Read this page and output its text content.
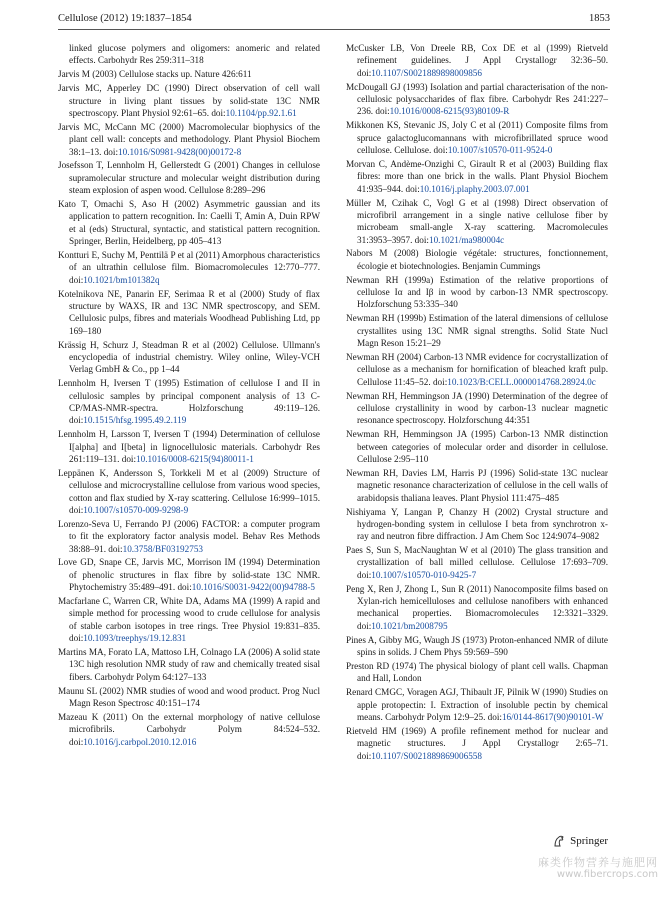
Cellulose (2012) 19:1837–1854	1853

linked glucose polymers and oligomers: anomeric and related effects. Carbohydr Res 259:311–318

Jarvis M (2003) Cellulose stacks up. Nature 426:611

Jarvis MC, Apperley DC (1990) Direct observation of cell wall structure in living plant tissues by solid-state 13C NMR spectroscopy. Plant Physiol 92:61–65. doi:10.1104/pp.92.1.61

Jarvis MC, McCann MC (2000) Macromolecular biophysics of the plant cell wall: concepts and methodology. Plant Physiol Biochem 38:1–13. doi:10.1016/S0981-9428(00)00172-8

Josefsson T, Lennholm H, Gellerstedt G (2001) Changes in cellulose supramolecular structure and molecular weight distribution during steam explosion of aspen wood. Cellulose 8:289–296

Kato T, Omachi S, Aso H (2002) Asymmetric gaussian and its application to pattern recognition. In: Caelli T, Amin A, Duin RPW et al (eds) Structural, syntactic, and statistical pattern recognition. Springer, Berlin, Heidelberg, pp 405–413

Kontturi E, Suchy M, Penttilä P et al (2011) Amorphous characteristics of an ultrathin cellulose film. Biomacromolecules 12:770–777. doi:10.1021/bm101382q

Kotelnikova NE, Panarin EF, Serimaa R et al (2000) Study of flax structure by WAXS, IR and 13C NMR spectroscopy, and SEM. Cellulosic pulps, fibres and materials Woodhead Publishing Ltd, pp 169–180

Krässig H, Schurz J, Steadman R et al (2002) Cellulose. Ullmann's encyclopedia of industrial chemistry. Wiley online, Wiley-VCH Verlag GmbH & Co., pp 1–44

Lennholm H, Iversen T (1995) Estimation of cellulose I and II in cellulosic samples by principal component analysis of 13 C-CP/MAS-NMR-spectra. Holzforschung 49:119–126. doi:10.1515/hfsg.1995.49.2.119

Lennholm H, Larsson T, Iversen T (1994) Determination of cellulose I[alpha] and I[beta] in lignocellulosic materials. Carbohydr Res 261:119–131. doi:10.1016/0008-6215(94)80011-1

Leppänen K, Andersson S, Torkkeli M et al (2009) Structure of cellulose and microcrystalline cellulose from various wood species, cotton and flax studied by X-ray scattering. Cellulose 16:999–1015. doi:10.1007/s10570-009-9298-9

Lorenzo-Seva U, Ferrando PJ (2006) FACTOR: a computer program to fit the exploratory factor analysis model. Behav Res Methods 38:88–91. doi:10.3758/BF03192753

Love GD, Snape CE, Jarvis MC, Morrison IM (1994) Determination of phenolic structures in flax fibre by solid-state 13C NMR. Phytochemistry 35:489–491. doi:10.1016/S0031-9422(00)94788-5

Macfarlane C, Warren CR, White DA, Adams MA (1999) A rapid and simple method for processing wood to crude cellulose for analysis of stable carbon isotopes in tree rings. Tree Physiol 19:831–835. doi:10.1093/treephys/19.12.831

Martins MA, Forato LA, Mattoso LH, Colnago LA (2006) A solid state 13C high resolution NMR study of raw and chemically treated sisal fibers. Carbohydr Polym 64:127–133

Maunu SL (2002) NMR studies of wood and wood product. Prog Nucl Magn Reson Spectrosc 40:151–174

Mazeau K (2011) On the external morphology of native cellulose microfibrils. Carbohydr Polym 84:524–532. doi:10.1016/j.carbpol.2010.12.016

McCusker LB, Von Dreele RB, Cox DE et al (1999) Rietveld refinement guidelines. J Appl Crystallogr 32:36–50. doi:10.1107/S0021889898009856

McDougall GJ (1993) Isolation and partial characterisation of the non-cellulosic polysaccharides of flax fibre. Carbohydr Res 241:227–236. doi:10.1016/0008-6215(93)80109-R

Mikkonen KS, Stevanic JS, Joly C et al (2011) Composite films from spruce galactoglucomannans with microfibrillated spruce wood cellulose. Cellulose. doi:10.1007/s10570-011-9524-0

Morvan C, Andème-Onzighi C, Girault R et al (2003) Building flax fibres: more than one brick in the walls. Plant Physiol Biochem 41:935–944. doi:10.1016/j.plaphy.2003.07.001

Müller M, Czihak C, Vogl G et al (1998) Direct observation of microfibril arrangement in a single native cellulose fiber by microbeam small-angle X-ray scattering. Macromolecules 31:3953–3957. doi:10.1021/ma980004c

Nabors M (2008) Biologie végétale: structures, fonctionnement, écologie et biotechnologies. Benjamin Cummings

Newman RH (1999a) Estimation of the relative proportions of cellulose Iα and Iβ in wood by carbon-13 NMR spectroscopy. Holzforschung 53:335–340

Newman RH (1999b) Estimation of the lateral dimensions of cellulose crystallites using 13C NMR signal strengths. Solid State Nucl Magn Reson 15:21–29

Newman RH (2004) Carbon-13 NMR evidence for cocrystallization of cellulose as a mechanism for hornification of bleached kraft pulp. Cellulose 11:45–52. doi:10.1023/B:CELL.0000014768.28924.0c

Newman RH, Hemmingson JA (1990) Determination of the degree of cellulose crystallinity in wood by carbon-13 nuclear magnetic resonance spectroscopy. Holzforschung 44:351

Newman RH, Hemmingson JA (1995) Carbon-13 NMR distinction between categories of molecular order and disorder in cellulose. Cellulose 2:95–110

Newman RH, Davies LM, Harris PJ (1996) Solid-state 13C nuclear magnetic resonance characterization of cellulose in the cell walls of arabidopsis thaliana leaves. Plant Physiol 111:475–485

Nishiyama Y, Langan P, Chanzy H (2002) Crystal structure and hydrogen-bonding system in cellulose I beta from synchrotron x-ray and neutron fibre diffraction. J Am Chem Soc 124:9074–9082

Paes S, Sun S, MacNaughtan W et al (2010) The glass transition and crystallization of ball milled cellulose. Cellulose 17:693–709. doi:10.1007/s10570-010-9425-7

Peng X, Ren J, Zhong L, Sun R (2011) Nanocomposite films based on Xylan-rich hemicelluloses and cellulose nanofibers with enhanced mechanical properties. Biomacromolecules 12:3321–3329. doi:10.1021/bm2008795

Pines A, Gibby MG, Waugh JS (1973) Proton-enhanced NMR of dilute spins in solids. J Chem Phys 59:569–590

Preston RD (1974) The physical biology of plant cell walls. Chapman and Hall, London

Renard CMGC, Voragen AGJ, Thibault JF, Pilnik W (1990) Studies on apple protopectin: I. Extraction of insoluble pectin by chemical means. Carbohydr Polym 12:9–25. doi:16/0144-8617(90)90101-W

Rietveld HM (1969) A profile refinement method for nuclear and magnetic structures. J Appl Crystallogr 2:65–71. doi:10.1107/S0021889869006558

Springer
麻类作物营养与施肥网
www.fibercrops.com
